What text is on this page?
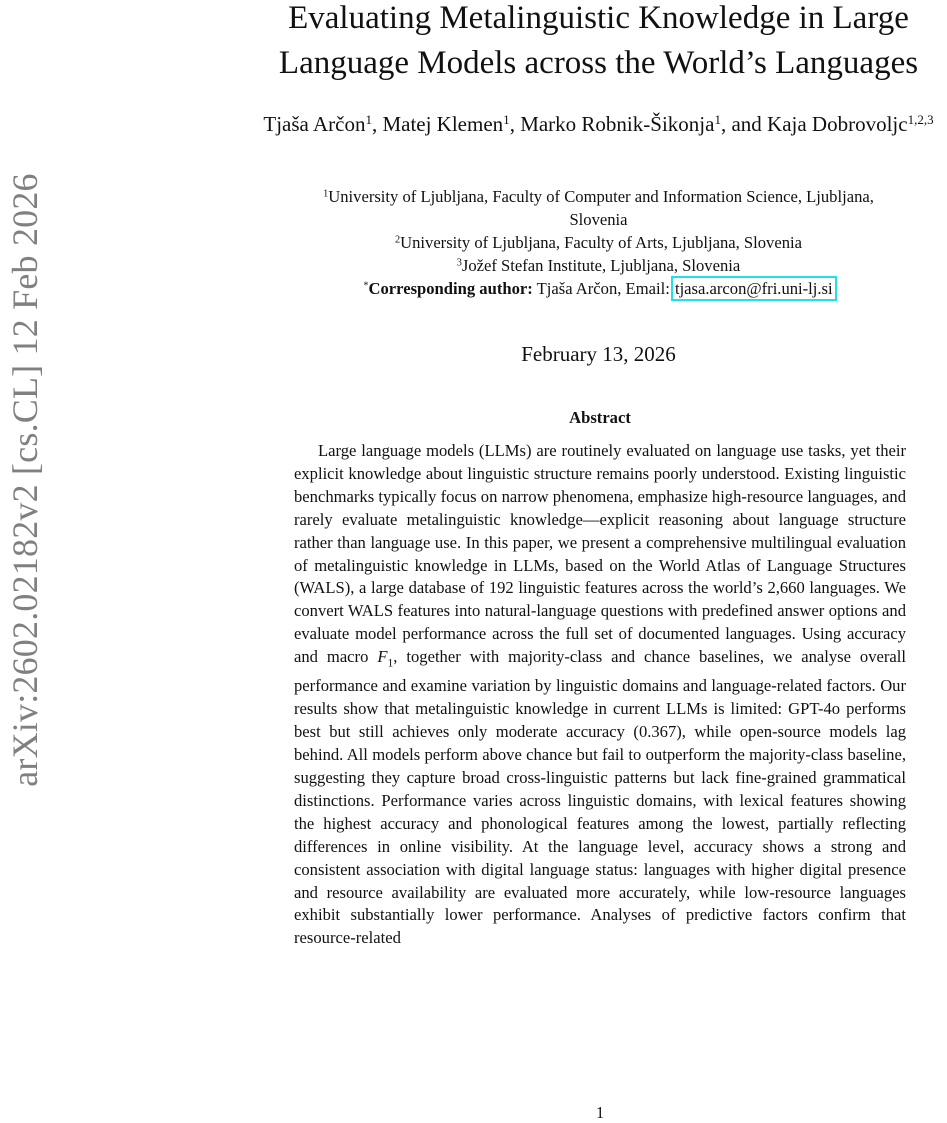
arXiv:2602.02182v2 [cs.CL] 12 Feb 2026
Evaluating Metalinguistic Knowledge in Large
Language Models across the World’s Languages
Tjaša Arčon$^1$, Matej Klemen$^1$, Marko Robnik-Šikonja$^1$, and Kaja Dobrovoljc$^{1,2,3}$
$^1$University of Ljubljana, Faculty of Computer and Information Science, Ljubljana,
Slovenia
$^2$University of Ljubljana, Faculty of Arts, Ljubljana, Slovenia
$^3$Jožef Stefan Institute, Ljubljana, Slovenia
*Corresponding author: Tjaša Arčon, Email: tjasa.arcon@fri.uni-lj.si
February 13, 2026
Abstract

Large language models (LLMs) are routinely evaluated on language use tasks, yet their explicit knowledge about linguistic structure remains poorly understood. Existing linguistic benchmarks typically focus on narrow phenomena, emphasize high-resource languages, and rarely evaluate metalinguistic knowledge—explicit reasoning about language structure rather than language use. In this paper, we present a comprehensive multilingual evaluation of metalinguistic knowledge in LLMs, based on the World Atlas of Language Structures (WALS), a large database of 192 linguistic features across the world’s 2,660 languages. We convert WALS features into natural-language questions with predefined answer options and evaluate model performance across the full set of documented languages. Using accuracy and macro $F_1$, together with majority-class and chance baselines, we analyse overall performance and examine variation by linguistic domains and language-related factors. Our results show that metalinguistic knowledge in current LLMs is limited: GPT-4o performs best but still achieves only moderate accuracy (0.367), while open-source models lag behind. All models perform above chance but fail to outperform the majority-class baseline, suggesting they capture broad cross-linguistic patterns but lack fine-grained grammatical distinctions. Performance varies across linguistic domains, with lexical features showing the highest accuracy and phonological features among the lowest, partially reflecting differences in online visibility. At the language level, accuracy shows a strong and consistent association with digital language status: languages with higher digital presence and resource availability are evaluated more accurately, while low-resource languages exhibit substantially lower performance. Analyses of predictive factors confirm that resource-related

1
